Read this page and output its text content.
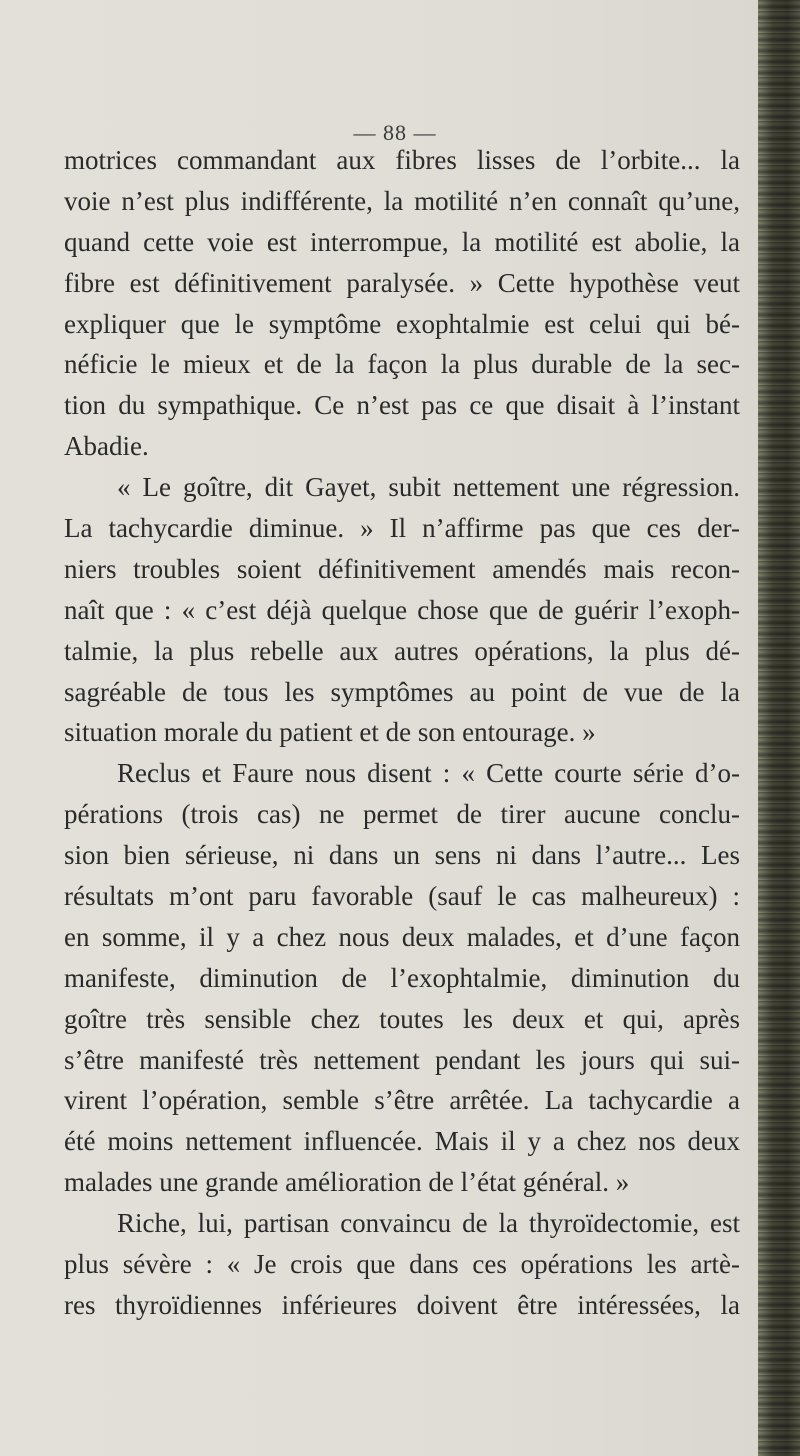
— 88 —
motrices commandant aux fibres lisses de l’orbite... la
voie n’est plus indifférente, la motilité n’en connaît qu’une,
quand cette voie est interrompue, la motilité est abolie, la
fibre est définitivement paralysée. » Cette hypothèse veut
expliquer que le symptôme exophtalmie est celui qui bé-
néficie le mieux et de la façon la plus durable de la sec-
tion du sympathique. Ce n’est pas ce que disait à l’instant
Abadie.
« Le goître, dit Gayet, subit nettement une régression.
La tachycardie diminue. » Il n’affirme pas que ces der-
niers troubles soient définitivement amendés mais recon-
naît que : « c’est déjà quelque chose que de guérir l’exoph-
talmie, la plus rebelle aux autres opérations, la plus dé-
sagréable de tous les symptômes au point de vue de la
situation morale du patient et de son entourage. »
Reclus et Faure nous disent : « Cette courte série d’o-
pérations (trois cas) ne permet de tirer aucune conclu-
sion bien sérieuse, ni dans un sens ni dans l’autre... Les
résultats m’ont paru favorable (sauf le cas malheureux) :
en somme, il y a chez nous deux malades, et d’une façon
manifeste, diminution de l’exophtalmie, diminution du
goître très sensible chez toutes les deux et qui, après
s’être manifesté très nettement pendant les jours qui sui-
virent l’opération, semble s’être arrêtée. La tachycardie a
été moins nettement influencée. Mais il y a chez nos deux
malades une grande amélioration de l’état général. »
Riche, lui, partisan convaincu de la thyroïdectomie, est
plus sévère : « Je crois que dans ces opérations les artè-
res thyroïdiennes inférieures doivent être intéressées, la
